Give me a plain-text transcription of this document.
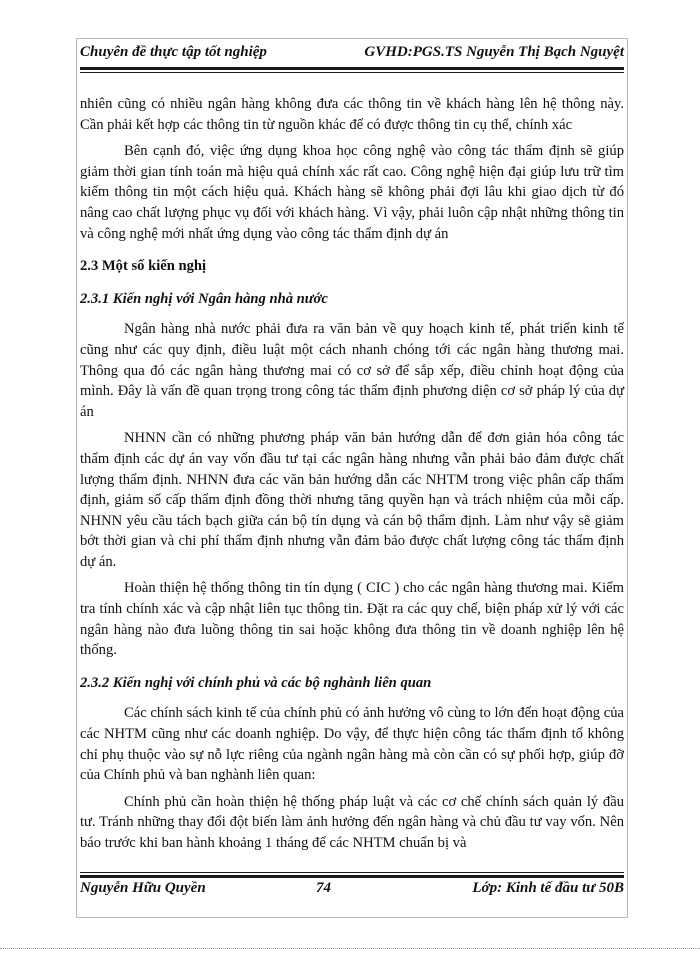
Chuyên đề thực tập tốt nghiệp	GVHD:PGS.TS Nguyễn Thị Bạch Nguyệt

nhiên cũng có nhiều ngân hàng không đưa các thông tin về khách hàng lên hệ thông này. Cần phải kết hợp các thông tin từ nguồn khác để có được thông tin cụ thể, chính xác

Bên cạnh đó, việc ứng dụng khoa học công nghệ vào công tác thẩm định sẽ giúp giảm thời gian tính toán mà hiệu quả chính xác rất cao. Công nghệ hiện đại giúp lưu trữ tìm kiếm thông tin một cách hiệu quả. Khách hàng sẽ không phải đợi lâu khi giao dịch từ đó nâng cao chất lượng phục vụ đối với khách hàng. Vì vậy, phải luôn cập nhật những thông tin và công nghệ mới nhất ứng dụng vào công tác thẩm định dự án

2.3 Một số kiến nghị
2.3.1 Kiến nghị với Ngân hàng nhà nước

Ngân hàng nhà nước phải đưa ra văn bản về quy hoạch kinh tế, phát triển kinh tế cũng như các quy định, điều luật một cách nhanh chóng tới các ngân hàng thương mai. Thông qua đó các ngân hàng thương mai có cơ sở để sắp xếp, điều chỉnh hoạt động của mình. Đây là vấn đề quan trọng trong công tác thẩm định phương diện cơ sở pháp lý của dự án

NHNN cần có những phương pháp văn bản hướng dẫn để đơn giản hóa công tác thẩm định các dự án vay vốn đầu tư tại các ngân hàng nhưng vẫn phải bảo đảm được chất lượng thẩm định. NHNN đưa các văn bản hướng dẫn các NHTM trong việc phân cấp thẩm định, giảm số cấp thẩm định đồng thời nhưng tăng quyền hạn và trách nhiệm của mỗi cấp. NHNN yêu cầu tách bạch giữa cán bộ tín dụng và cán bộ thẩm định. Làm như vậy sẽ giảm bớt thời gian và chi phí thẩm định nhưng vẫn đảm bảo được chất lượng công tác thẩm định dự án.

Hoàn thiện hệ thống thông tin tín dụng ( CIC ) cho các ngân hàng thương mai. Kiểm tra tính chính xác và cập nhật liên tục thông tin. Đặt ra các quy chế, biện pháp xử lý với các ngân hàng nào đưa luồng thông tin sai hoặc không đưa thông tin về doanh nghiệp lên hệ thống.

2.3.2 Kiến nghị với chính phủ và các bộ nghành liên quan

Các chính sách kinh tế của chính phủ có ảnh hưởng vô cùng to lớn đến hoạt động của các NHTM cũng như các doanh nghiệp. Do vậy, để thực hiện công tác thẩm định tố không chỉ phụ thuộc vào sự nỗ lực riêng của ngành ngân hàng mà còn cần có sự phối hợp, giúp đỡ của Chính phủ và ban nghành liên quan:

Chính phủ cần hoàn thiện hệ thống pháp luật và các cơ chế chính sách quản lý đầu tư. Tránh những thay đổi đột biến làm ảnh hưởng đến ngân hàng và chủ đầu tư vay vốn. Nên báo trước khi ban hành khoảng 1 tháng để các NHTM chuẩn bị và

Nguyễn Hữu Quyền	74	Lớp: Kinh tế đầu tư 50B
